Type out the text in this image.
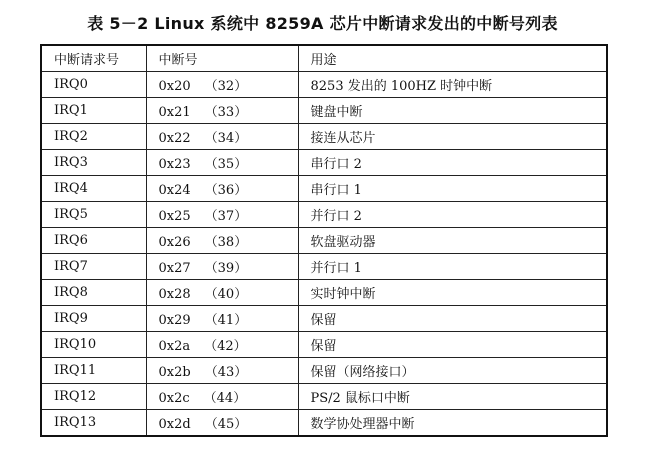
表 5－2 Linux 系统中 8259A 芯片中断请求发出的中断号列表
中断请求号	中断号	用途
IRQ0	0x20 （32）	8253 发出的 100HZ 时钟中断
IRQ1	0x21 （33）	键盘中断
IRQ2	0x22 （34）	接连从芯片
IRQ3	0x23 （35）	串行口 2
IRQ4	0x24 （36）	串行口 1
IRQ5	0x25 （37）	并行口 2
IRQ6	0x26 （38）	软盘驱动器
IRQ7	0x27 （39）	并行口 1
IRQ8	0x28 （40）	实时钟中断
IRQ9	0x29 （41）	保留
IRQ10	0x2a （42）	保留
IRQ11	0x2b （43）	保留（网络接口）
IRQ12	0x2c （44）	PS/2 鼠标口中断
IRQ13	0x2d （45）	数学协处理器中断
